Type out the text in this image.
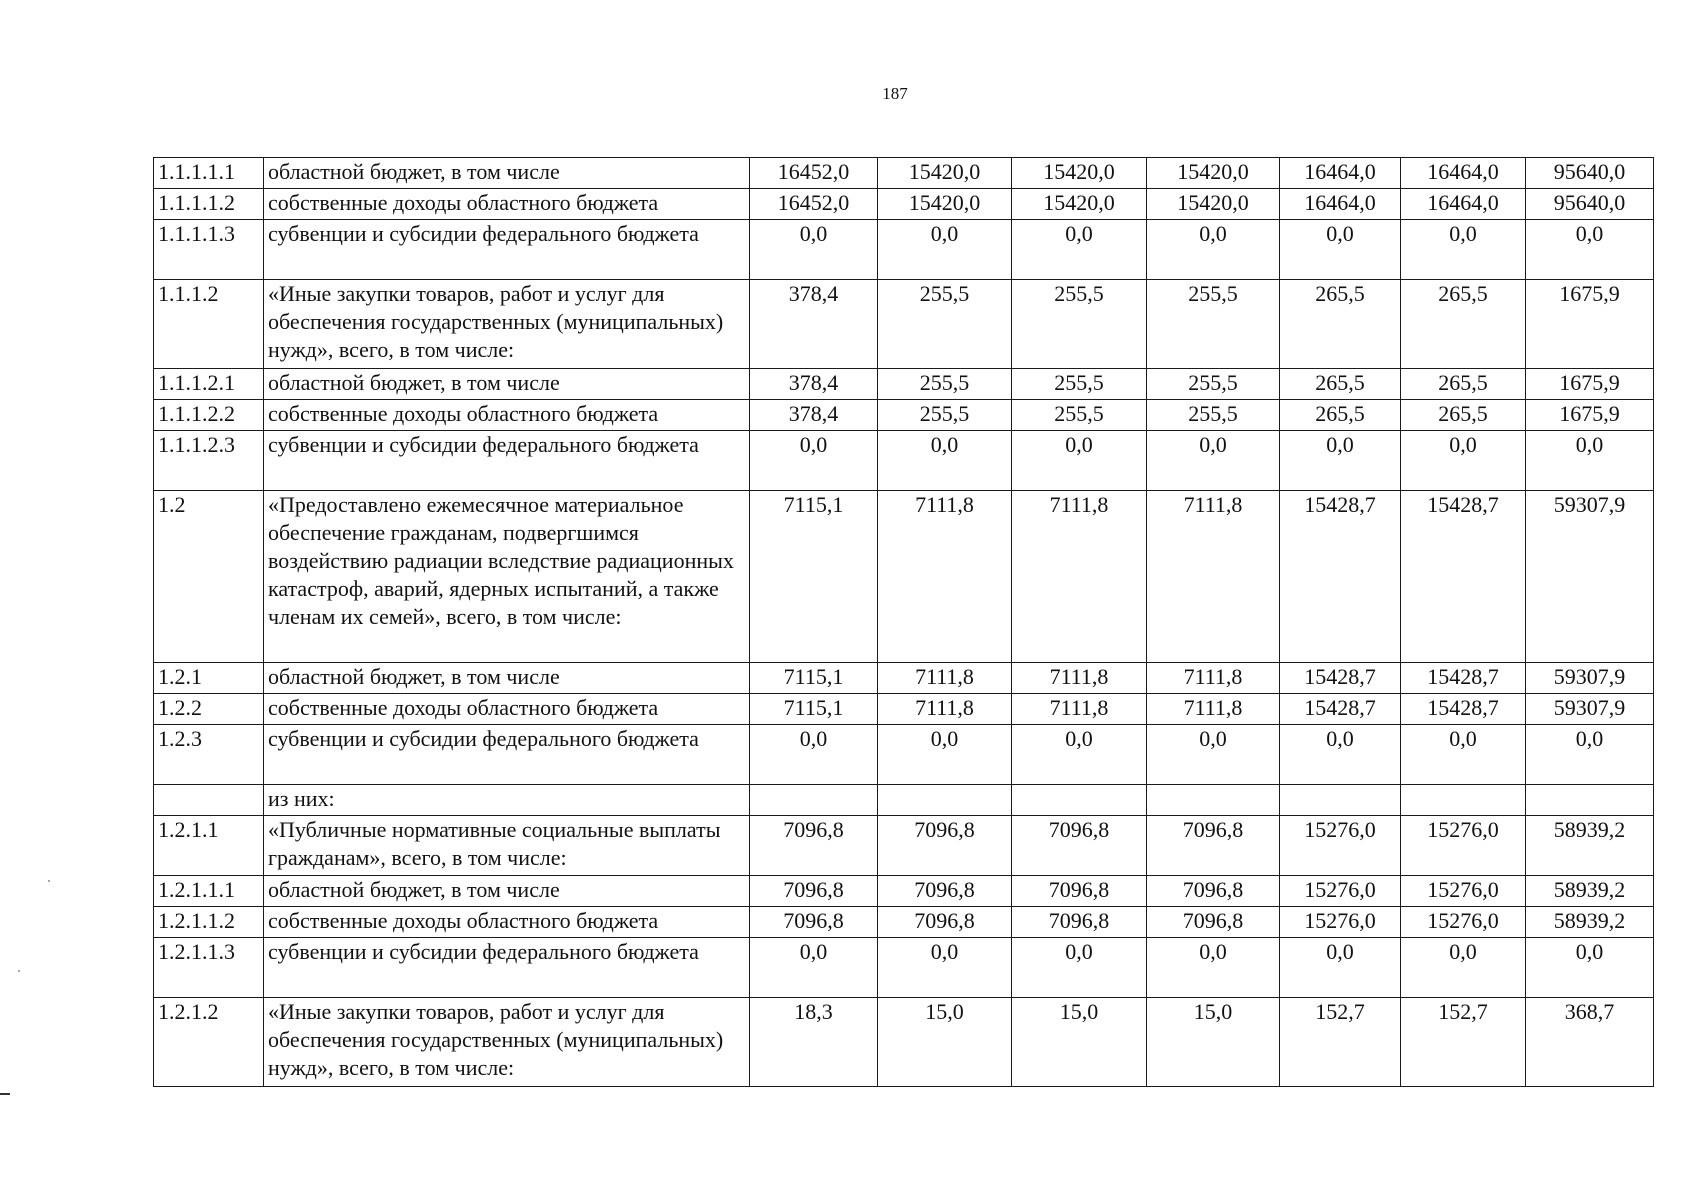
187
1.1.1.1.1	областной бюджет, в том числе	16452,0	15420,0	15420,0	15420,0	16464,0	16464,0	95640,0
1.1.1.1.2	собственные доходы областного бюджета	16452,0	15420,0	15420,0	15420,0	16464,0	16464,0	95640,0
1.1.1.1.3	субвенции и субсидии федерального бюджета	0,0	0,0	0,0	0,0	0,0	0,0	0,0
1.1.1.2	«Иные закупки товаров, работ и услуг для обеспечения государственных (муниципальных) нужд», всего, в том числе:	378,4	255,5	255,5	255,5	265,5	265,5	1675,9
1.1.1.2.1	областной бюджет, в том числе	378,4	255,5	255,5	255,5	265,5	265,5	1675,9
1.1.1.2.2	собственные доходы областного бюджета	378,4	255,5	255,5	255,5	265,5	265,5	1675,9
1.1.1.2.3	субвенции и субсидии федерального бюджета	0,0	0,0	0,0	0,0	0,0	0,0	0,0
1.2	«Предоставлено ежемесячное материальное обеспечение гражданам, подвергшимся воздействию радиации вследствие радиационных катастроф, аварий, ядерных испытаний, а также членам их семей», всего, в том числе:	7115,1	7111,8	7111,8	7111,8	15428,7	15428,7	59307,9
1.2.1	областной бюджет, в том числе	7115,1	7111,8	7111,8	7111,8	15428,7	15428,7	59307,9
1.2.2	собственные доходы областного бюджета	7115,1	7111,8	7111,8	7111,8	15428,7	15428,7	59307,9
1.2.3	субвенции и субсидии федерального бюджета	0,0	0,0	0,0	0,0	0,0	0,0	0,0
	из них:							
1.2.1.1	«Публичные нормативные социальные выплаты гражданам», всего, в том числе:	7096,8	7096,8	7096,8	7096,8	15276,0	15276,0	58939,2
1.2.1.1.1	областной бюджет, в том числе	7096,8	7096,8	7096,8	7096,8	15276,0	15276,0	58939,2
1.2.1.1.2	собственные доходы областного бюджета	7096,8	7096,8	7096,8	7096,8	15276,0	15276,0	58939,2
1.2.1.1.3	субвенции и субсидии федерального бюджета	0,0	0,0	0,0	0,0	0,0	0,0	0,0
1.2.1.2	«Иные закупки товаров, работ и услуг для обеспечения государственных (муниципальных) нужд», всего, в том числе:	18,3	15,0	15,0	15,0	152,7	152,7	368,7
